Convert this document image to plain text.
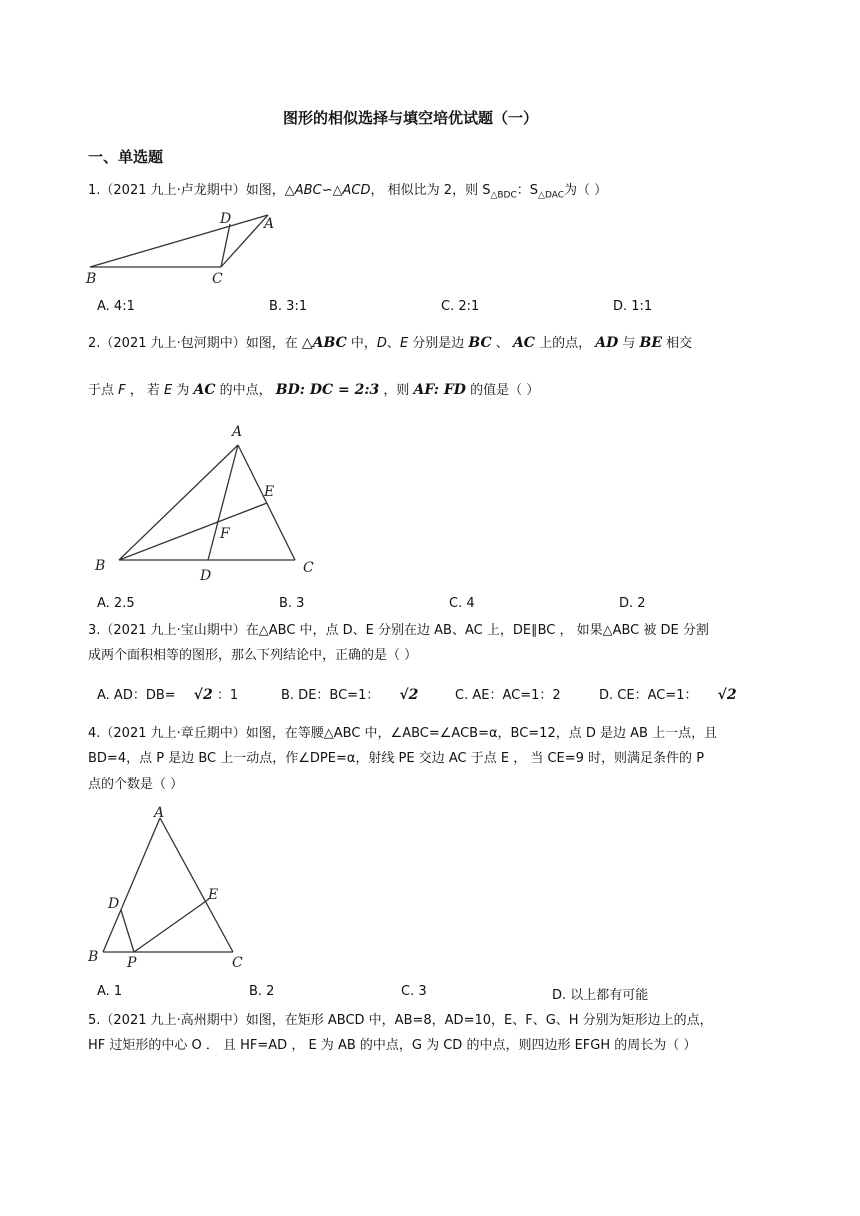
图形的相似选择与填空培优试题（一）
一、单选题
1.（2021 九上·卢龙期中）如图，△ABC∽△ACD， 相似比为 2，则 $S_{\triangle BDC}$：$S_{\triangle DAC}$为（ ）
D A
B	C
A. 4:1	B. 3:1	C. 2:1	D. 1:1
2.（2021 九上·包河期中）如图，在 △ABC 中，D、E 分别是边 BC 、 AC 上的点， AD 与 BE 相交
于点 F ， 若 E 为 AC 的中点， BD: DC = 2:3 ，则 AF: FD 的值是（ ）
A
E
F
B
D	C
A. 2.5	B. 3	C. 4	D. 2
3.（2021 九上·宝山期中）在△ABC 中，点 D、E 分别在边 AB、AC 上，DE∥BC ， 如果△ABC 被 DE 分割
成两个面积相等的图形，那么下列结论中，正确的是（ ）
A. AD：DB= √2 ：1	B. DE：BC=1： √2	C. AE：AC=1：2	D. CE：AC=1： √2
4.（2021 九上·章丘期中）如图，在等腰△ABC 中，∠ABC=∠ACB=α，BC=12，点 D 是边 AB 上一点，且
BD=4，点 P 是边 BC 上一动点，作∠DPE=α，射线 PE 交边 AC 于点 E ， 当 CE=9 时，则满足条件的 P
点的个数是（ ）
A
D
E
B P	C
A. 1	B. 2	C. 3	D. 以上都有可能
5.（2021 九上·高州期中）如图，在矩形 ABCD 中，AB=8，AD=10，E、F、G、H 分别为矩形边上的点，
HF 过矩形的中心 O ． 且 HF=AD ， E 为 AB 的中点，G 为 CD 的中点，则四边形 EFGH 的周长为（ ）
